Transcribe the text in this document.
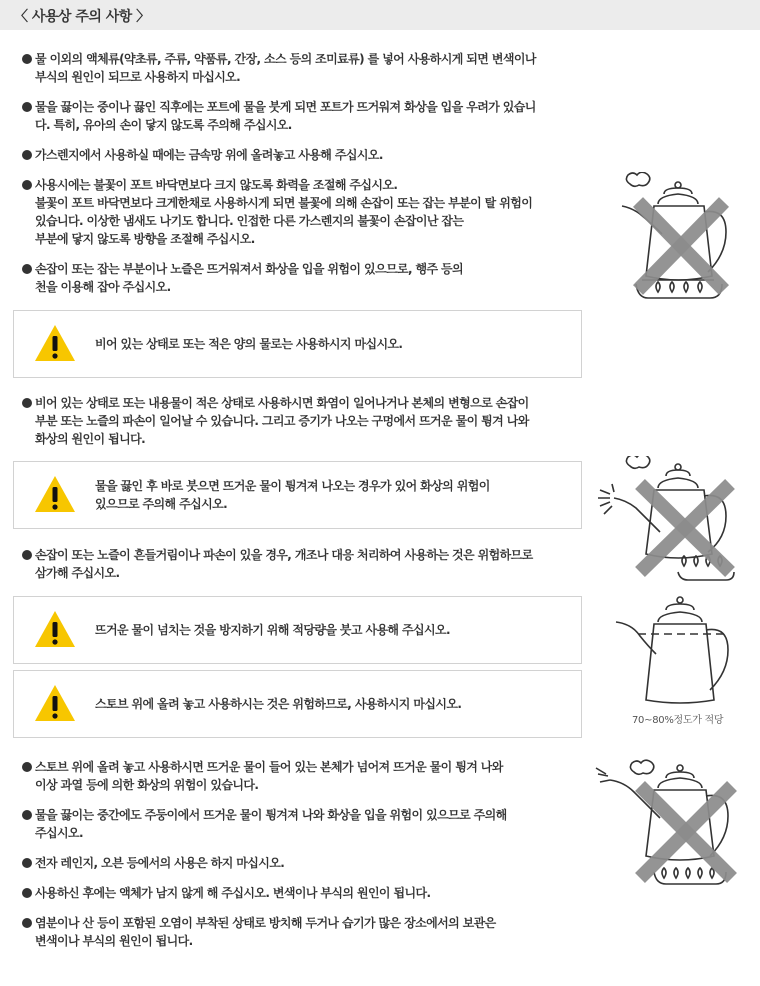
〈 사용상 주의 사항 〉
물 이외의 액체류(약초류, 주류, 약품류, 간장, 소스 등의 조미료류) 를 넣어 사용하시게 되면 변색이나
부식의 원인이 되므로 사용하지 마십시오.
물을 끓이는 중이나 끓인 직후에는 포트에 물을 붓게 되면 포트가 뜨거워져 화상을 입을 우려가 있습니
다. 특히, 유아의 손이 닿지 않도록 주의해 주십시오.
가스렌지에서 사용하실 때에는 금속망 위에 올려놓고 사용해 주십시오.
사용시에는 불꽃이 포트 바닥면보다 크지 않도록 화력을 조절해 주십시오.
불꽃이 포트 바닥면보다 크게한채로 사용하시게 되면 불꽃에 의해 손잡이 또는 잡는 부분이 탈 위험이
있습니다. 이상한 냄새도 나기도 합니다. 인접한 다른 가스렌지의 불꽃이 손잡이난 잡는
부분에 닿지 않도록 방향을 조절해 주십시오.
손잡이 또는 잡는 부분이나 노즐은 뜨거워져서 화상을 입을 위험이 있으므로, 행주 등의
천을 이용해 잡아 주십시오.
비어 있는 상태로 또는 적은 양의 물로는 사용하시지 마십시오.
비어 있는 상태로 또는 내용물이 적은 상태로 사용하시면 화염이 일어나거나 본체의 변형으로 손잡이
부분 또는 노즐의 파손이 일어날 수 있습니다. 그리고 증기가 나오는 구멍에서 뜨거운 물이 튕겨 나와
화상의 원인이 됩니다.
물을 끓인 후 바로 붓으면 뜨거운 물이 튕겨져 나오는 경우가 있어 화상의 위험이
있으므로 주의해 주십시오.
손잡이 또는 노즐이 흔들거림이나 파손이 있을 경우, 개조나 대응 처리하여 사용하는 것은 위험하므로
삼가해 주십시오.
뜨거운 물이 넘치는 것을 방지하기 위해 적당량을 붓고 사용해 주십시오.
스토브 위에 올려 놓고 사용하시는 것은 위험하므로, 사용하시지 마십시오.
스토브 위에 올려 놓고 사용하시면 뜨거운 물이 들어 있는 본체가 넘어져 뜨거운 물이 튕겨 나와
이상 과열 등에 의한 화상의 위험이 있습니다.
물을 끓이는 중간에도 주둥이에서 뜨거운 물이 튕겨져 나와 화상을 입을 위험이 있으므로 주의해
주십시오.
전자 레인지, 오븐 등에서의 사용은 하지 마십시오.
사용하신 후에는 액체가 남지 않게 해 주십시오. 변색이나 부식의 원인이 됩니다.
염분이나 산 등이 포함된 오염이 부착된 상태로 방치해 두거나 습기가 많은 장소에서의 보관은
변색이나 부식의 원인이 됩니다.
70~80%정도가 적당
